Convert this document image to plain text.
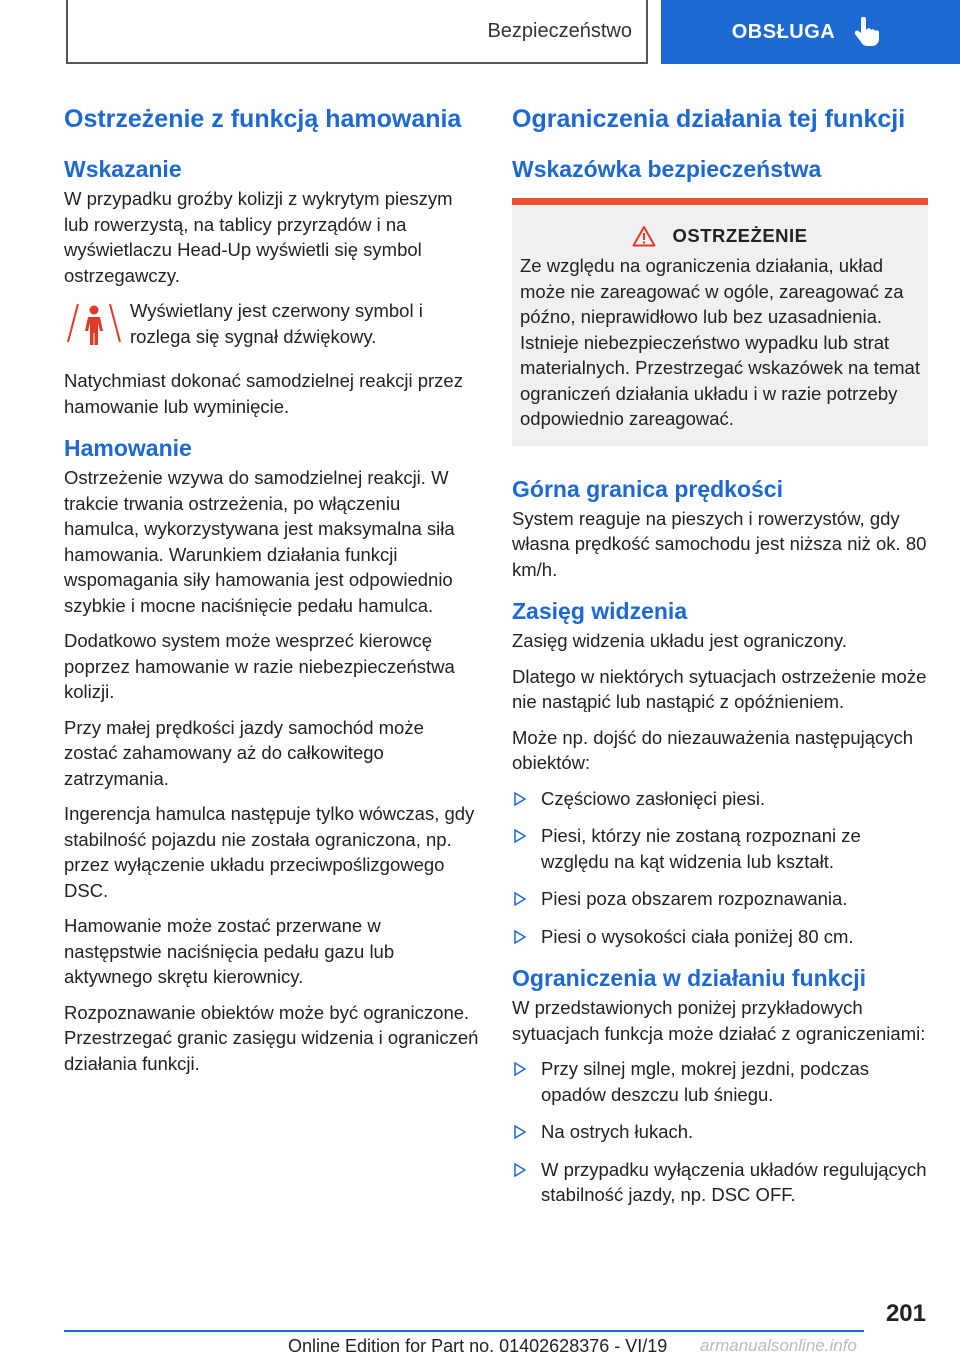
Bezpieczeństwo	OBSŁUGA
Ostrzeżenie z funkcją hamowania
Wskazanie

W przypadku groźby kolizji z wykrytym pieszym lub rowerzystą, na tablicy przyrządów i na wyświetlaczu Head-Up wyświetli się symbol ostrzegawczy.

Wyświetlany jest czerwony symbol i rozlega się sygnał dźwiękowy.

Natychmiast dokonać samodzielnej reakcji przez hamowanie lub wyminięcie.

Hamowanie

Ostrzeżenie wzywa do samodzielnej reakcji. W trakcie trwania ostrzeżenia, po włączeniu hamulca, wykorzystywana jest maksymalna siła hamowania. Warunkiem działania funkcji wspomagania siły hamowania jest odpowiednio szybkie i mocne naciśnięcie pedału hamulca.

Dodatkowo system może wesprzeć kierowcę poprzez hamowanie w razie niebezpieczeństwa kolizji.

Przy małej prędkości jazdy samochód może zostać zahamowany aż do całkowitego zatrzymania.

Ingerencja hamulca następuje tylko wówczas, gdy stabilność pojazdu nie została ograniczona, np. przez wyłączenie układu przeciwpoślizgowego DSC.

Hamowanie może zostać przerwane w następstwie naciśnięcia pedału gazu lub aktywnego skrętu kierownicy.

Rozpoznawanie obiektów może być ograniczone. Przestrzegać granic zasięgu widzenia i ograniczeń działania funkcji.

Ograniczenia działania tej funkcji
Wskazówka bezpieczeństwa
OSTRZEŻENIE

Ze względu na ograniczenia działania, układ może nie zareagować w ogóle, zareagować za późno, nieprawidłowo lub bez uzasadnienia. Istnieje niebezpieczeństwo wypadku lub strat materialnych. Przestrzegać wskazówek na temat ograniczeń działania układu i w razie potrzeby odpowiednio zareagować.

Górna granica prędkości

System reaguje na pieszych i rowerzystów, gdy własna prędkość samochodu jest niższa niż ok. 80 km/h.

Zasięg widzenia

Zasięg widzenia układu jest ograniczony.

Dlatego w niektórych sytuacjach ostrzeżenie może nie nastąpić lub nastąpić z opóźnieniem.

Może np. dojść do niezauważenia następujących obiektów:

Częściowo zasłonięci piesi.
Piesi, którzy nie zostaną rozpoznani ze względu na kąt widzenia lub kształt.
Piesi poza obszarem rozpoznawania.
Piesi o wysokości ciała poniżej 80 cm.
Ograniczenia w działaniu funkcji

W przedstawionych poniżej przykładowych sytuacjach funkcja może działać z ograniczeniami:

Przy silnej mgle, mokrej jezdni, podczas opadów deszczu lub śniegu.
Na ostrych łukach.
W przypadku wyłączenia układów regulujących stabilność jazdy, np. DSC OFF.
201
Online Edition for Part no. 01402628376 - VI/19 armanualsonline.info
